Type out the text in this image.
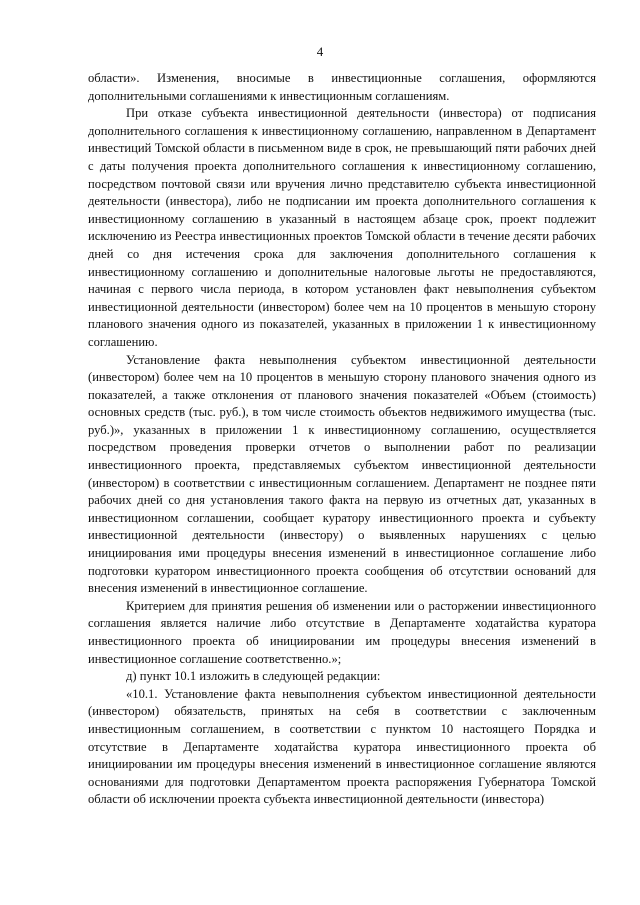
4

области». Изменения, вносимые в инвестиционные соглашения, оформляются дополнительными соглашениями к инвестиционным соглашениям.

При отказе субъекта инвестиционной деятельности (инвестора) от подписания дополнительного соглашения к инвестиционному соглашению, направленном в Департамент инвестиций Томской области в письменном виде в срок, не превышающий пяти рабочих дней с даты получения проекта дополнительного соглашения к инвестиционному соглашению, посредством почтовой связи или вручения лично представителю субъекта инвестиционной деятельности (инвестора), либо не подписании им проекта дополнительного соглашения к инвестиционному соглашению в указанный в настоящем абзаце срок, проект подлежит исключению из Реестра инвестиционных проектов Томской области в течение десяти рабочих дней со дня истечения срока для заключения дополнительного соглашения к инвестиционному соглашению и дополнительные налоговые льготы не предоставляются, начиная с первого числа периода, в котором установлен факт невыполнения субъектом инвестиционной деятельности (инвестором) более чем на 10 процентов в меньшую сторону планового значения одного из показателей, указанных в приложении 1 к инвестиционному соглашению.

Установление факта невыполнения субъектом инвестиционной деятельности (инвестором) более чем на 10 процентов в меньшую сторону планового значения одного из показателей, а также отклонения от планового значения показателей «Объем (стоимость) основных средств (тыс. руб.), в том числе стоимость объектов недвижимого имущества (тыс. руб.)», указанных в приложении 1 к инвестиционному соглашению, осуществляется посредством проведения проверки отчетов о выполнении работ по реализации инвестиционного проекта, представляемых субъектом инвестиционной деятельности (инвестором) в соответствии с инвестиционным соглашением. Департамент не позднее пяти рабочих дней со дня установления такого факта на первую из отчетных дат, указанных в инвестиционном соглашении, сообщает куратору инвестиционного проекта и субъекту инвестиционной деятельности (инвестору) о выявленных нарушениях с целью инициирования ими процедуры внесения изменений в инвестиционное соглашение либо подготовки куратором инвестиционного проекта сообщения об отсутствии оснований для внесения изменений в инвестиционное соглашение.

Критерием для принятия решения об изменении или о расторжении инвестиционного соглашения является наличие либо отсутствие в Департаменте ходатайства куратора инвестиционного проекта об инициировании им процедуры внесения изменений в инвестиционное соглашение соответственно.»;

д) пункт 10.1 изложить в следующей редакции:

«10.1. Установление факта невыполнения субъектом инвестиционной деятельности (инвестором) обязательств, принятых на себя в соответствии с заключенным инвестиционным соглашением, в соответствии с пунктом 10 настоящего Порядка и отсутствие в Департаменте ходатайства куратора инвестиционного проекта об инициировании им процедуры внесения изменений в инвестиционное соглашение являются основаниями для подготовки Департаментом проекта распоряжения Губернатора Томской области об исключении проекта субъекта инвестиционной деятельности (инвестора)
